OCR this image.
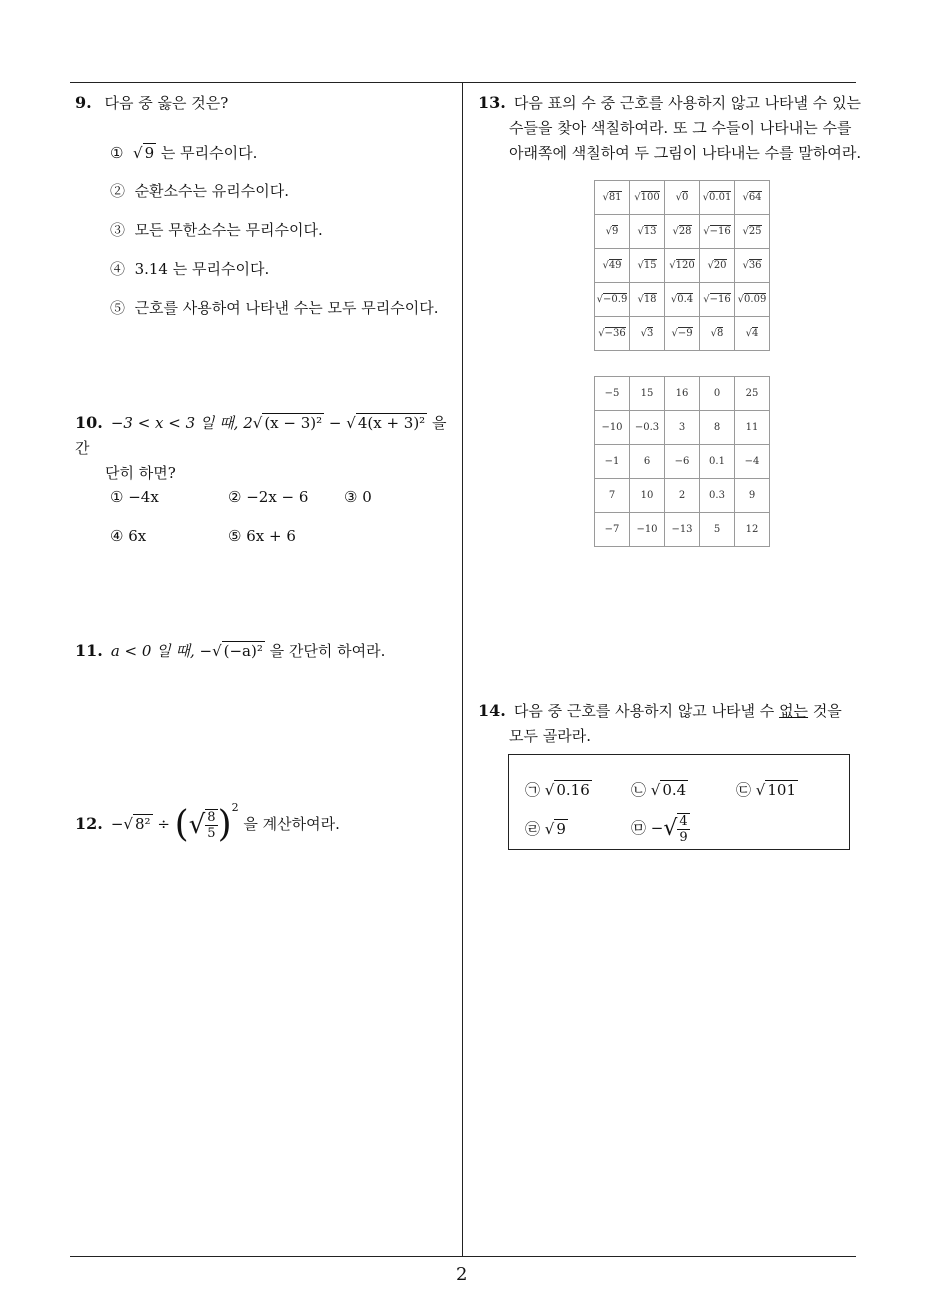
9. 다음 중 옳은 것은?
① √ 9 는 무리수이다.
② 순환소수는 유리수이다.
③ 모든 무한소수는 무리수이다.
④ 3.14 는 무리수이다.
⑤ 근호를 사용하여 나타낸 수는 모두 무리수이다.
10. −3 < x < 3 일 때, 2√ (x − 3)² − √ 4(x + 3)² 을 간
단히 하면?
① −4x	② −2x − 6 ③ 0
④ 6x	⑤ 6x + 6
11. a < 0 일 때, −√ (−a)² 을 간단히 하여라.
12. −√ 8² ÷ (√ $\frac{8}{5} )^2$ 을 계산하여라.
13. 다음 표의 수 중 근호를 사용하지 않고 나타낼 수 있는
수들을 찾아 색칠하여라. 또 그 수들이 나타내는 수를
아래쪽에 색칠하여 두 그림이 나타내는 수를 말하여라.
√81	√100	√0	√0.01	√64
√9	√13	√28	√−16	√25
√49	√15	√120	√20	√36
√−0.9	√18	√0.4	√−16	√0.09
√−36	√3	√−9	√8	√4
−5	15	16	0	25
−10	−0.3	3	8	11
−1	6	−6	0.1	−4
7	10	2	0.3	9
−7	−10	−13	5	12
14. 다음 중 근호를 사용하지 않고 나타낼 수 없는 것을
모두 골라라.
㉠ √ 0.16	㉡ √ 0.4	㉢ √ 101
㉣ √ 9	㉤ −√ $\frac{4}{9}$
2
